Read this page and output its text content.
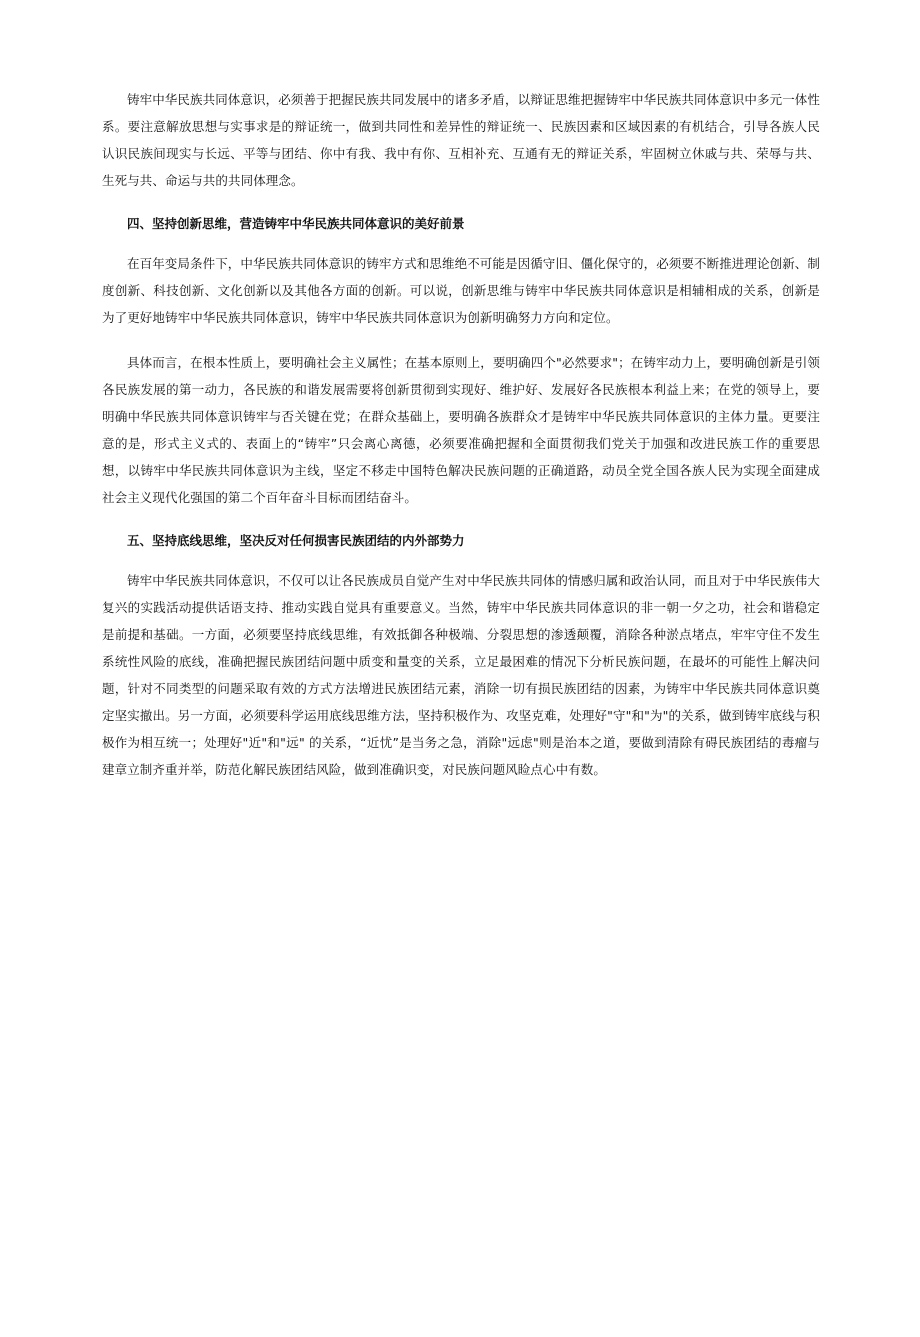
铸牢中华民族共同体意识，必须善于把握民族共同发展中的诸多矛盾，以辩证思维把握铸牢中华民族共同体意识中多元一体性系。要注意解放思想与实事求是的辩证统一，做到共同性和差异性的辩证统一、民族因素和区域因素的有机结合，引导各族人民认识民族间现实与长远、平等与团结、你中有我、我中有你、互相补充、互通有无的辩证关系，牢固树立休戚与共、荣辱与共、生死与共、命运与共的共同体理念。

四、坚持创新思维，营造铸牢中华民族共同体意识的美好前景

在百年变局条件下，中华民族共同体意识的铸牢方式和思维绝不可能是因循守旧、僵化保守的，必须要不断推进理论创新、制度创新、科技创新、文化创新以及其他各方面的创新。可以说，创新思维与铸牢中华民族共同体意识是相辅相成的关系，创新是为了更好地铸牢中华民族共同体意识，铸牢中华民族共同体意识为创新明确努力方向和定位。

具体而言，在根本性质上，要明确社会主义属性；在基本原则上，要明确四个"必然要求"；在铸牢动力上，要明确创新是引领各民族发展的第一动力，各民族的和谐发展需要将创新贯彻到实现好、维护好、发展好各民族根本利益上来；在党的领导上，要明确中华民族共同体意识铸牢与否关键在党；在群众基础上，要明确各族群众才是铸牢中华民族共同体意识的主体力量。更要注意的是，形式主义式的、表面上的“铸牢”只会离心离德，必须要准确把握和全面贯彻我们党关于加强和改进民族工作的重要思想，以铸牢中华民族共同体意识为主线，坚定不移走中国特色解决民族问题的正确道路，动员全党全国各族人民为实现全面建成社会主义现代化强国的第二个百年奋斗目标而团结奋斗。

五、坚持底线思维，坚决反对任何损害民族团结的内外部势力

铸牢中华民族共同体意识，不仅可以让各民族成员自觉产生对中华民族共同体的情感归属和政治认同，而且对于中华民族伟大复兴的实践活动提供话语支持、推动实践自觉具有重要意义。当然，铸牢中华民族共同体意识的非一朝一夕之功，社会和谐稳定是前提和基础。一方面，必须要坚持底线思维，有效抵御各种极端、分裂思想的渗透颠覆，消除各种淤点堵点，牢牢守住不发生系统性风险的底线，准确把握民族团结问题中质变和量变的关系，立足最困难的情况下分析民族问题，在最坏的可能性上解决问题，针对不同类型的问题采取有效的方式方法增进民族团结元素，消除一切有损民族团结的因素，为铸牢中华民族共同体意识奠定坚实撤出。另一方面，必须要科学运用底线思维方法，坚持积极作为、攻坚克难，处理好"守"和"为"的关系，做到铸牢底线与积极作为相互统一；处理好"近"和"远" 的关系，“近忧”是当务之急，消除"远虑"则是治本之道，要做到清除有碍民族团结的毒瘤与建章立制齐重并举，防范化解民族团结风险，做到准确识变，对民族问题风睑点心中有数。
